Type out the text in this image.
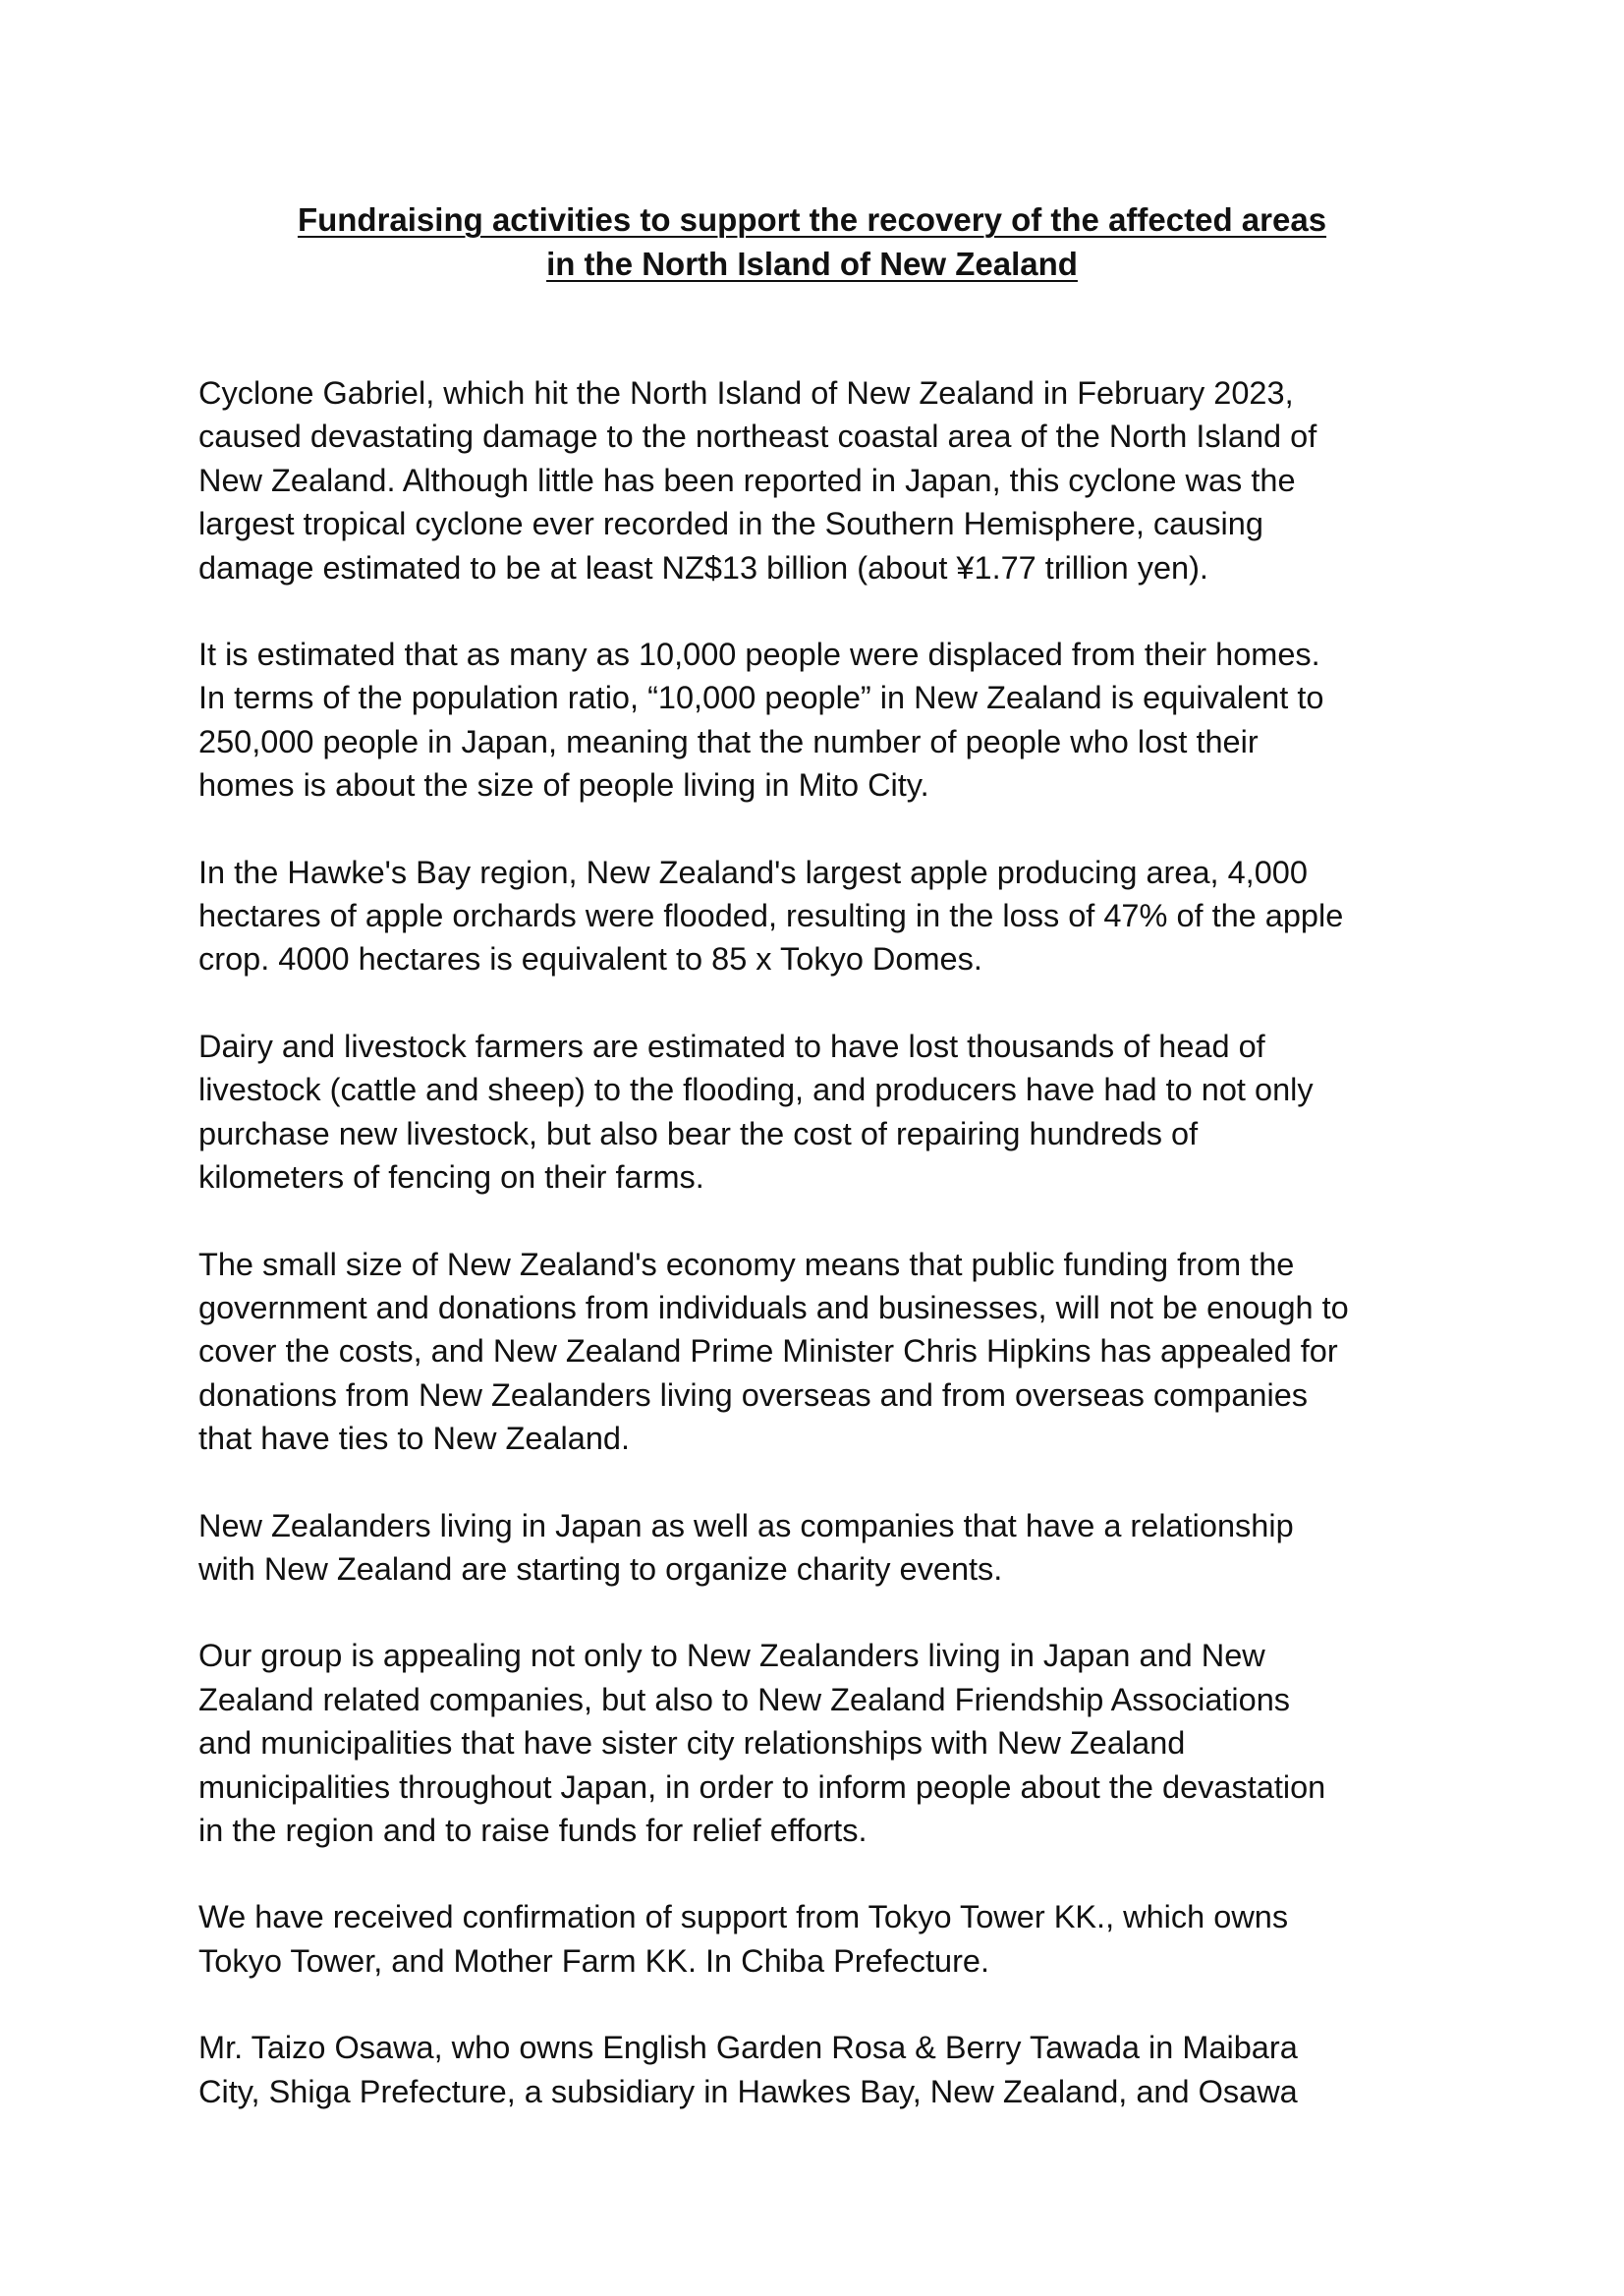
Fundraising activities to support the recovery of the affected areas
in the North Island of New Zealand

Cyclone Gabriel, which hit the North Island of New Zealand in February 2023,
caused devastating damage to the northeast coastal area of the North Island of
New Zealand. Although little has been reported in Japan, this cyclone was the
largest tropical cyclone ever recorded in the Southern Hemisphere, causing
damage estimated to be at least NZ$13 billion (about ¥1.77 trillion yen).

It is estimated that as many as 10,000 people were displaced from their homes.
In terms of the population ratio, “10,000 people” in New Zealand is equivalent to
250,000 people in Japan, meaning that the number of people who lost their
homes is about the size of people living in Mito City.

In the Hawke's Bay region, New Zealand's largest apple producing area, 4,000
hectares of apple orchards were flooded, resulting in the loss of 47% of the apple
crop. 4000 hectares is equivalent to 85 x Tokyo Domes.

Dairy and livestock farmers are estimated to have lost thousands of head of
livestock (cattle and sheep) to the flooding, and producers have had to not only
purchase new livestock, but also bear the cost of repairing hundreds of
kilometers of fencing on their farms.

The small size of New Zealand's economy means that public funding from the
government and donations from individuals and businesses, will not be enough to
cover the costs, and New Zealand Prime Minister Chris Hipkins has appealed for
donations from New Zealanders living overseas and from overseas companies
that have ties to New Zealand.

New Zealanders living in Japan as well as companies that have a relationship
with New Zealand are starting to organize charity events.

Our group is appealing not only to New Zealanders living in Japan and New
Zealand related companies, but also to New Zealand Friendship Associations
and municipalities that have sister city relationships with New Zealand
municipalities throughout Japan, in order to inform people about the devastation
in the region and to raise funds for relief efforts.

We have received confirmation of support from Tokyo Tower KK., which owns
Tokyo Tower, and Mother Farm KK. In Chiba Prefecture.

Mr. Taizo Osawa, who owns English Garden Rosa & Berry Tawada in Maibara
City, Shiga Prefecture, a subsidiary in Hawkes Bay, New Zealand, and Osawa
